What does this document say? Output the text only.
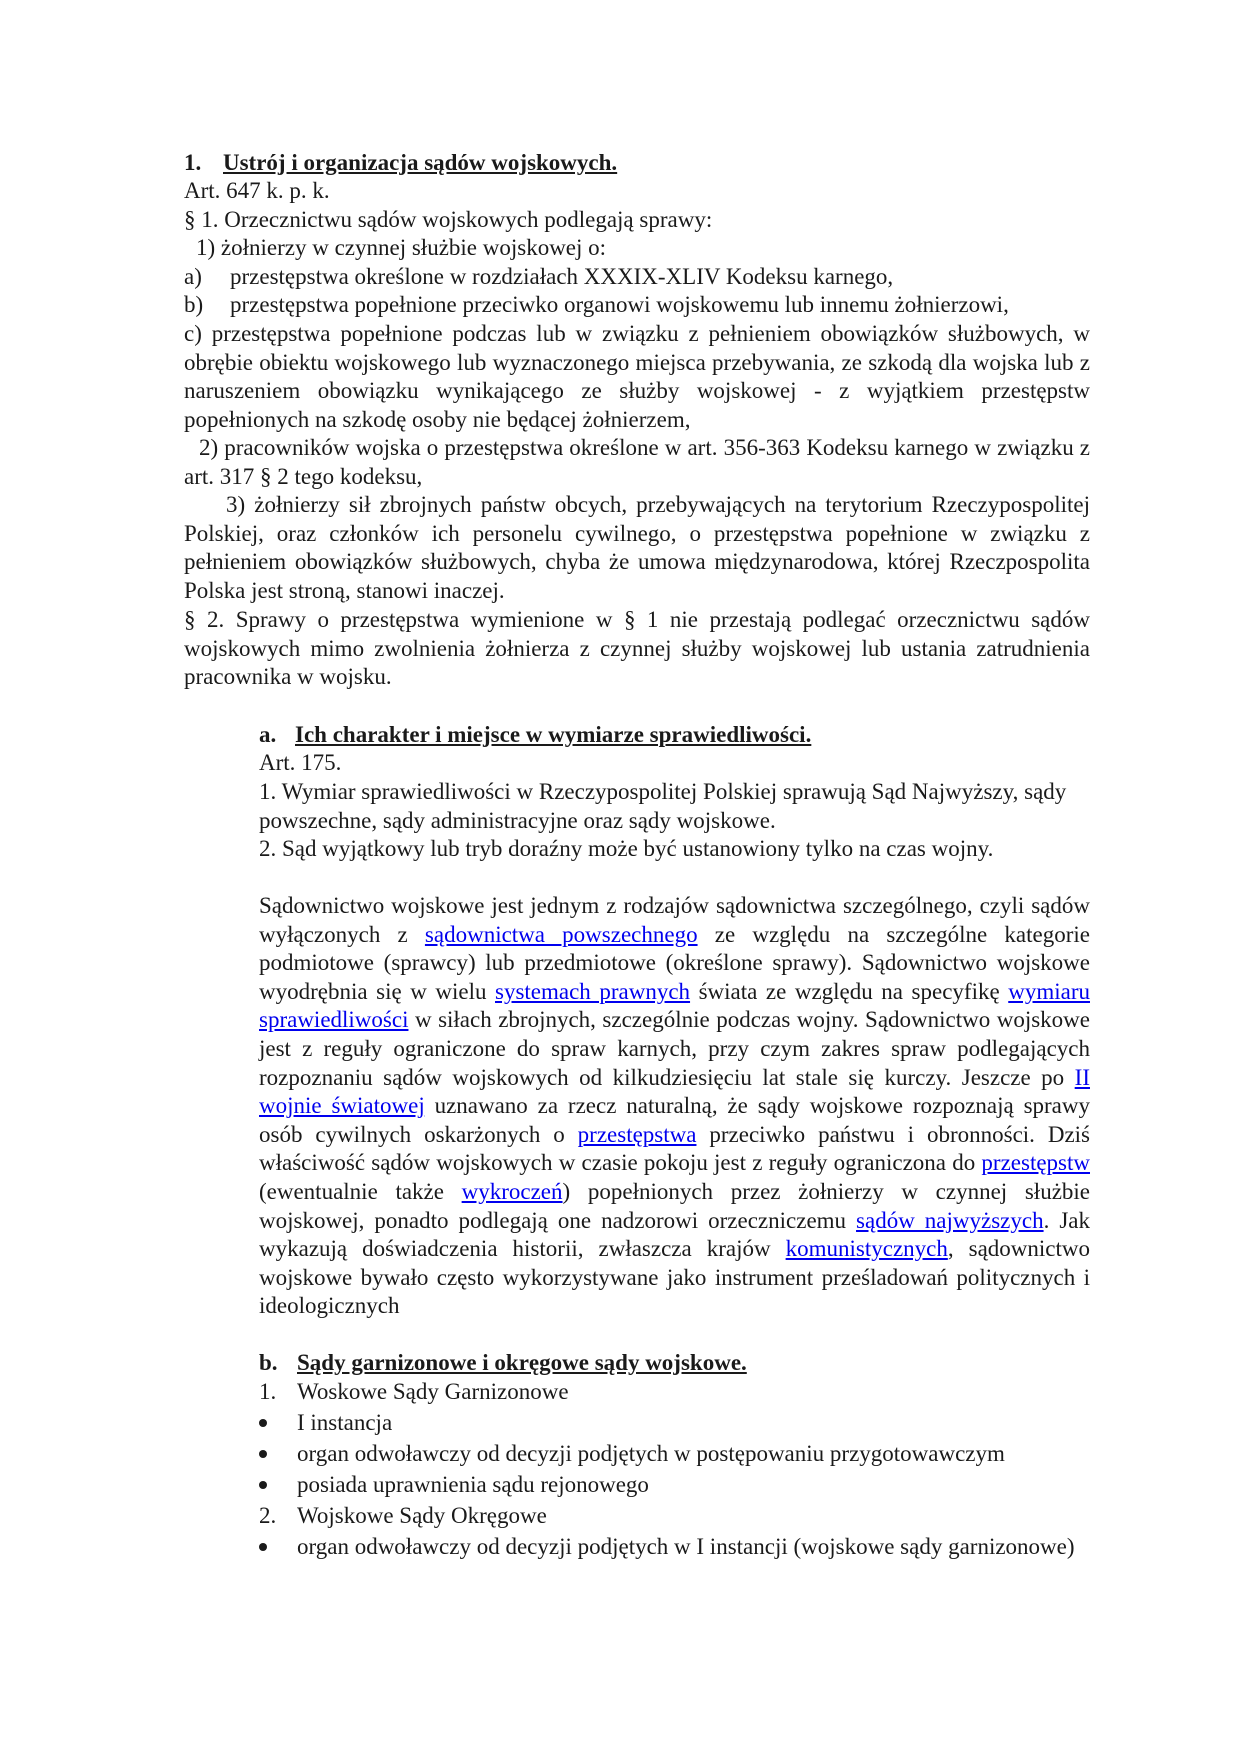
1. Ustrój i organizacja sądów wojskowych.
Art. 647 k. p. k.
§ 1. Orzecznictwu sądów wojskowych podlegają sprawy:
1) żołnierzy w czynnej służbie wojskowej o:
a) przestępstwa określone w rozdziałach XXXIX-XLIV Kodeksu karnego,
b) przestępstwa popełnione przeciwko organowi wojskowemu lub innemu żołnierzowi,

c) przestępstwa popełnione podczas lub w związku z pełnieniem obowiązków służbowych, w obrębie obiektu wojskowego lub wyznaczonego miejsca przebywania, ze szkodą dla wojska lub z naruszeniem obowiązku wynikającego ze służby wojskowej - z wyjątkiem przestępstw popełnionych na szkodę osoby nie będącej żołnierzem,

2) pracowników wojska o przestępstwa określone w art. 356-363 Kodeksu karnego w związku z art. 317 § 2 tego kodeksu,

3) żołnierzy sił zbrojnych państw obcych, przebywających na terytorium Rzeczypospolitej Polskiej, oraz członków ich personelu cywilnego, o przestępstwa popełnione w związku z pełnieniem obowiązków służbowych, chyba że umowa międzynarodowa, której Rzeczpospolita Polska jest stroną, stanowi inaczej.

§ 2. Sprawy o przestępstwa wymienione w § 1 nie przestają podlegać orzecznictwu sądów wojskowych mimo zwolnienia żołnierza z czynnej służby wojskowej lub ustania zatrudnienia pracownika w wojsku.

a. Ich charakter i miejsce w wymiarze sprawiedliwości.
Art. 175.

1. Wymiar sprawiedliwości w Rzeczypospolitej Polskiej sprawują Sąd Najwyższy, sądy powszechne, sądy administracyjne oraz sądy wojskowe.

2. Sąd wyjątkowy lub tryb doraźny może być ustanowiony tylko na czas wojny.

Sądownictwo wojskowe jest jednym z rodzajów sądownictwa szczególnego, czyli sądów wyłączonych z sądownictwa powszechnego ze względu na szczególne kategorie podmiotowe (sprawcy) lub przedmiotowe (określone sprawy). Sądownictwo wojskowe wyodrębnia się w wielu systemach prawnych świata ze względu na specyfikę wymiaru sprawiedliwości w siłach zbrojnych, szczególnie podczas wojny. Sądownictwo wojskowe jest z reguły ograniczone do spraw karnych, przy czym zakres spraw podlegających rozpoznaniu sądów wojskowych od kilkudziesięciu lat stale się kurczy. Jeszcze po II wojnie światowej uznawano za rzecz naturalną, że sądy wojskowe rozpoznają sprawy osób cywilnych oskarżonych o przestępstwa przeciwko państwu i obronności. Dziś właściwość sądów wojskowych w czasie pokoju jest z reguły ograniczona do przestępstw (ewentualnie także wykroczeń) popełnionych przez żołnierzy w czynnej służbie wojskowej, ponadto podlegają one nadzorowi orzeczniczemu sądów najwyższych. Jak wykazują doświadczenia historii, zwłaszcza krajów komunistycznych, sądownictwo wojskowe bywało często wykorzystywane jako instrument prześladowań politycznych i ideologicznych

b. Sądy garnizonowe i okręgowe sądy wojskowe.
1. Woskowe Sądy Garnizonowe
I instancja
organ odwoławczy od decyzji podjętych w postępowaniu przygotowawczym
posiada uprawnienia sądu rejonowego
2. Wojskowe Sądy Okręgowe

organ odwoławczy od decyzji podjętych w I instancji (wojskowe sądy garnizonowe)
